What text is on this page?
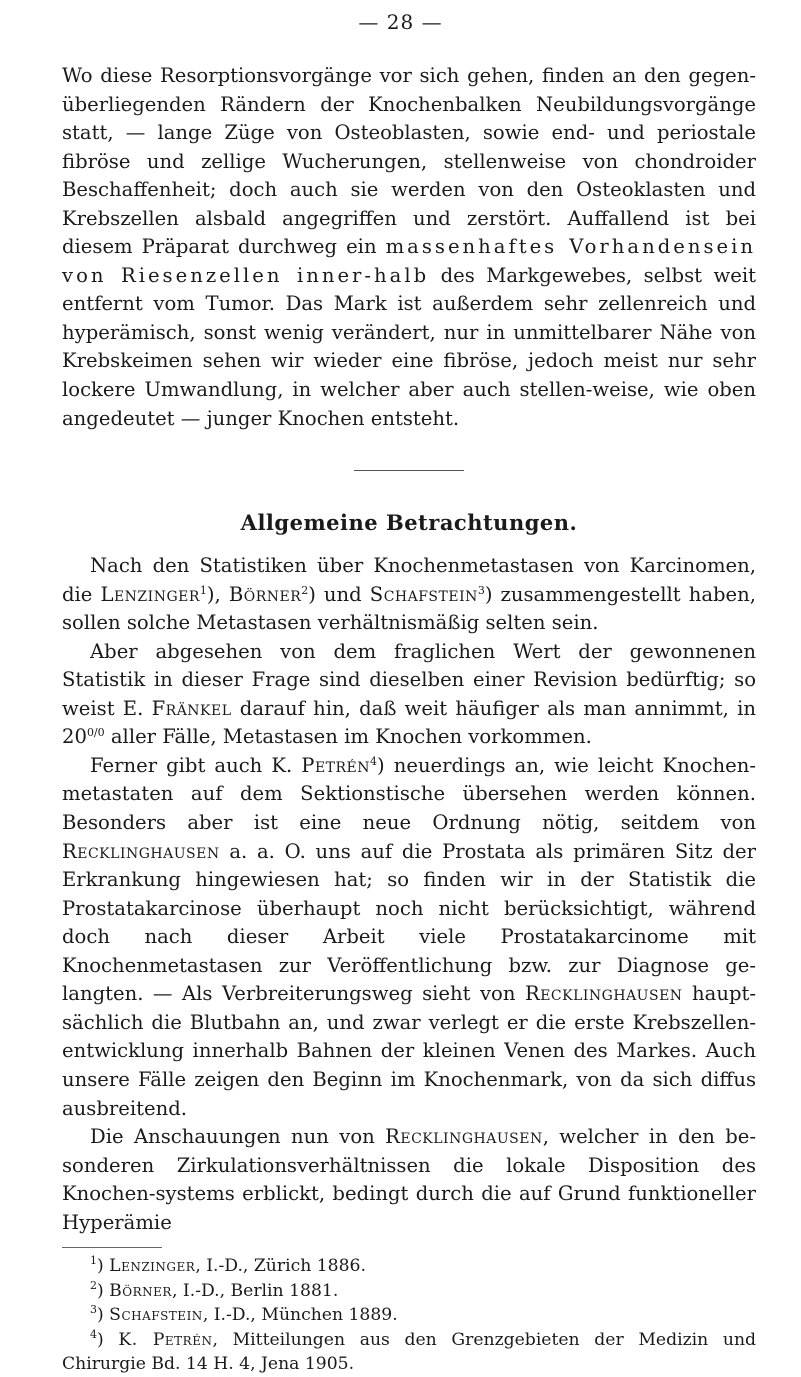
— 28 —

Wo diese Resorptionsvorgänge vor sich gehen, finden an den gegen-überliegenden Rändern der Knochenbalken Neubildungsvorgänge statt, — lange Züge von Osteoblasten, sowie end- und periostale fibröse und zellige Wucherungen, stellenweise von chondroider Beschaffenheit; doch auch sie werden von den Osteoklasten und Krebszellen alsbald angegriffen und zerstört. Auffallend ist bei diesem Präparat durchweg ein massenhaftes Vorhandensein von Riesenzellen inner-halb des Markgewebes, selbst weit entfernt vom Tumor. Das Mark ist außerdem sehr zellenreich und hyperämisch, sonst wenig verändert, nur in unmittelbarer Nähe von Krebskeimen sehen wir wieder eine fibröse, jedoch meist nur sehr lockere Umwandlung, in welcher aber auch stellen-weise, wie oben angedeutet — junger Knochen entsteht.

Allgemeine Betrachtungen.

Nach den Statistiken über Knochenmetastasen von Karcinomen, die Lenzinger$^1$), Börner$^2$) und Schafstein$^3$) zusammengestellt haben, sollen solche Metastasen verhältnismäßig selten sein.

Aber abgesehen von dem fraglichen Wert der gewonnenen Statistik in dieser Frage sind dieselben einer Revision bedürftig; so weist E. Fränkel darauf hin, daß weit häufiger als man annimmt, in $20^{0/0}$ aller Fälle, Metastasen im Knochen vorkommen.

Ferner gibt auch K. Petrén$^4$) neuerdings an, wie leicht Knochen-metastaten auf dem Sektionstische übersehen werden können. Besonders aber ist eine neue Ordnung nötig, seitdem von Recklinghausen a. a. O. uns auf die Prostata als primären Sitz der Erkrankung hingewiesen hat; so finden wir in der Statistik die Prostatakarcinose überhaupt noch nicht berücksichtigt, während doch nach dieser Arbeit viele Prostatakarcinome mit Knochenmetastasen zur Veröffentlichung bzw. zur Diagnose ge-langten. — Als Verbreiterungsweg sieht von Recklinghausen haupt-sächlich die Blutbahn an, und zwar verlegt er die erste Krebszellen-entwicklung innerhalb Bahnen der kleinen Venen des Markes. Auch unsere Fälle zeigen den Beginn im Knochenmark, von da sich diffus ausbreitend.

Die Anschauungen nun von Recklinghausen, welcher in den be-sonderen Zirkulationsverhältnissen die lokale Disposition des Knochen-systems erblickt, bedingt durch die auf Grund funktioneller Hyperämie

$^1$) Lenzinger, I.-D., Zürich 1886.

$^2$) Börner, I.-D., Berlin 1881.

$^3$) Schafstein, I.-D., München 1889.

$^4$) K. Petrén, Mitteilungen aus den Grenzgebieten der Medizin und Chirurgie Bd. 14 H. 4, Jena 1905.
